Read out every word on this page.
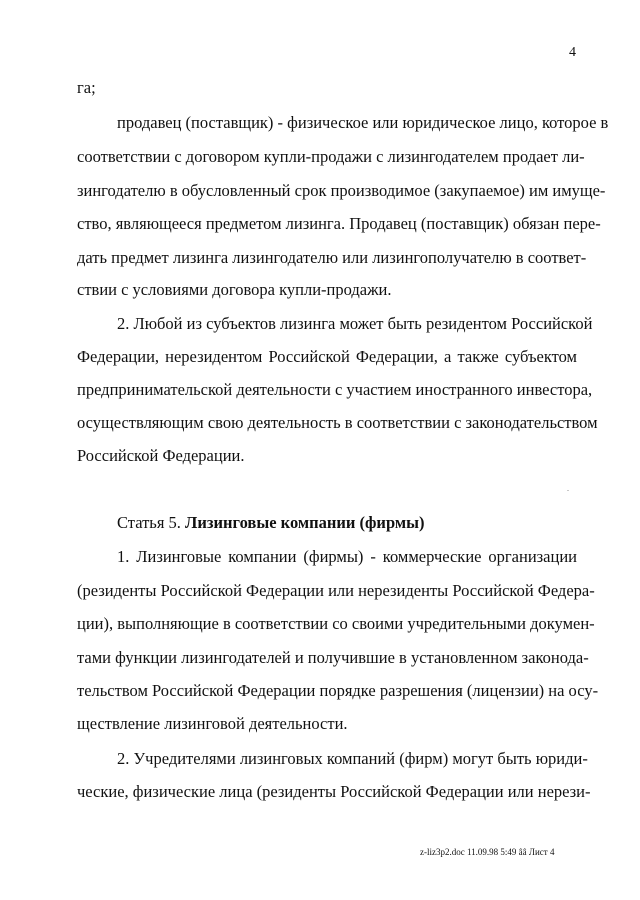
4
га;
продавец (поставщик) - физическое или юридическое лицо, которое в
соответствии с договором купли-продажи с лизингодателем продает ли-
зингодателю в обусловленный срок производимое (закупаемое) им имуще-
ство, являющееся предметом лизинга. Продавец (поставщик) обязан пере-
дать предмет лизинга лизингодателю или лизингополучателю в соответ-
ствии с условиями договора купли-продажи.
2. Любой из субъектов лизинга может быть резидентом Российской
Федерации, нерезидентом Российской Федерации, а также субъектом
предпринимательской деятельности с участием иностранного инвестора,
осуществляющим свою деятельность в соответствии с законодательством
Российской Федерации.
Статья 5. Лизинговые компании (фирмы)
1. Лизинговые компании (фирмы) - коммерческие организации
(резиденты Российской Федерации или нерезиденты Российской Федера-
ции), выполняющие в соответствии со своими учредительными докумен-
тами функции лизингодателей и получившие в установленном законода-
тельством Российской Федерации порядке разрешения (лицензии) на осу-
ществление лизинговой деятельности.
2. Учредителями лизинговых компаний (фирм) могут быть юриди-
ческие, физические лица (резиденты Российской Федерации или нерези-
z-liz3p2.doc 11.09.98 5:49 ââ Лист 4
